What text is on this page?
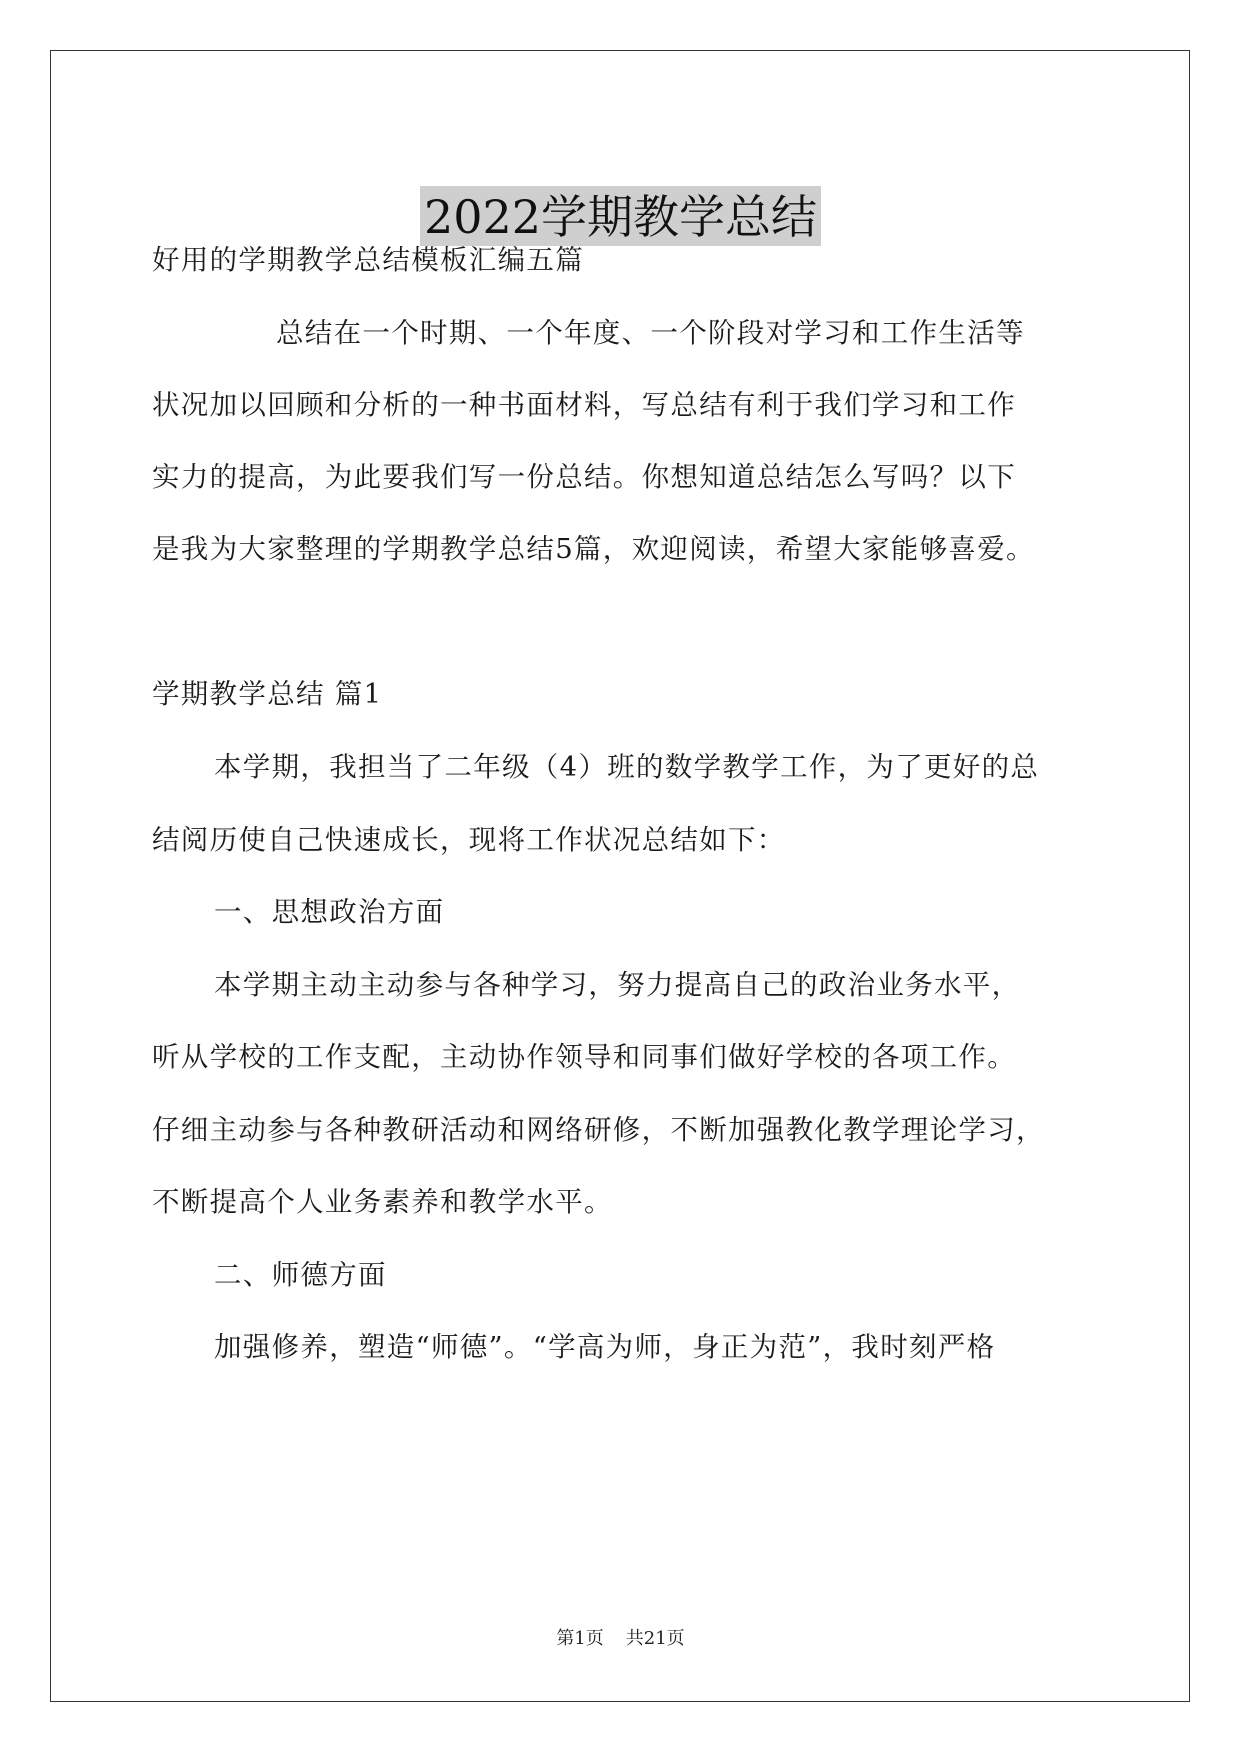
2022学期教学总结
好用的学期教学总结模板汇编五篇
总结在一个时期、一个年度、一个阶段对学习和工作生活等
状况加以回顾和分析的一种书面材料，写总结有利于我们学习和工作
实力的提高，为此要我们写一份总结。你想知道总结怎么写吗？以下
是我为大家整理的学期教学总结5篇，欢迎阅读，希望大家能够喜爱。
学期教学总结 篇1
本学期，我担当了二年级（4）班的数学教学工作，为了更好的总
结阅历使自己快速成长，现将工作状况总结如下：
一、思想政治方面
本学期主动主动参与各种学习，努力提高自己的政治业务水平，
听从学校的工作支配，主动协作领导和同事们做好学校的各项工作。
仔细主动参与各种教研活动和网络研修，不断加强教化教学理论学习，
不断提高个人业务素养和教学水平。
二、师德方面
加强修养，塑造“师德”。“学高为师，身正为范”，我时刻严格
第1页 共21页
